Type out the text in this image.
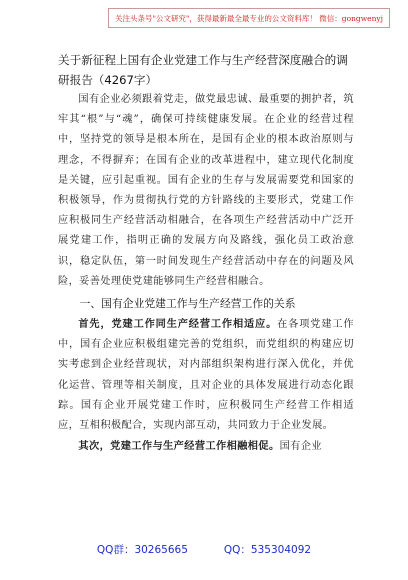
关注头条号"公文研究"，获得最新最全最专业的公文资料库！ 微信：gongwenyj

关于新征程上国有企业党建工作与生产经营深度融合的调研报告（4267字）

国有企业必须跟着党走，做党最忠诚、最重要的拥护者，筑牢其“根”与“魂”，确保可持续健康发展。在企业的经营过程中，坚持党的领导是根本所在，是国有企业的根本政治原则与理念，不得摒弃；在国有企业的改革进程中，建立现代化制度是关键，应引起重视。国有企业的生存与发展需要党和国家的积极领导，作为贯彻执行党的方针路线的主要形式，党建工作应积极同生产经营活动相融合，在各项生产经营活动中广泛开展党建工作，指明正确的发展方向及路线，强化员工政治意识，稳定队伍，第一时间发现生产经营活动中存在的问题及风险，妥善处理使党建能够同生产经营相融合。

一、国有企业党建工作与生产经营工作的关系

首先，党建工作同生产经营工作相适应。在各项党建工作中，国有企业应积极组建完善的党组织，而党组织的构建应切实考虑到企业经营现状，对内部组织架构进行深入优化，并优化运营、管理等相关制度，且对企业的具体发展进行动态化跟踪。国有企业开展党建工作时，应积极同生产经营工作相适应，互相积极配合，实现内部互动，共同致力于企业发展。

其次，党建工作与生产经营工作相融相促。国有企业

QQ群：30265665	QQ：535304092
